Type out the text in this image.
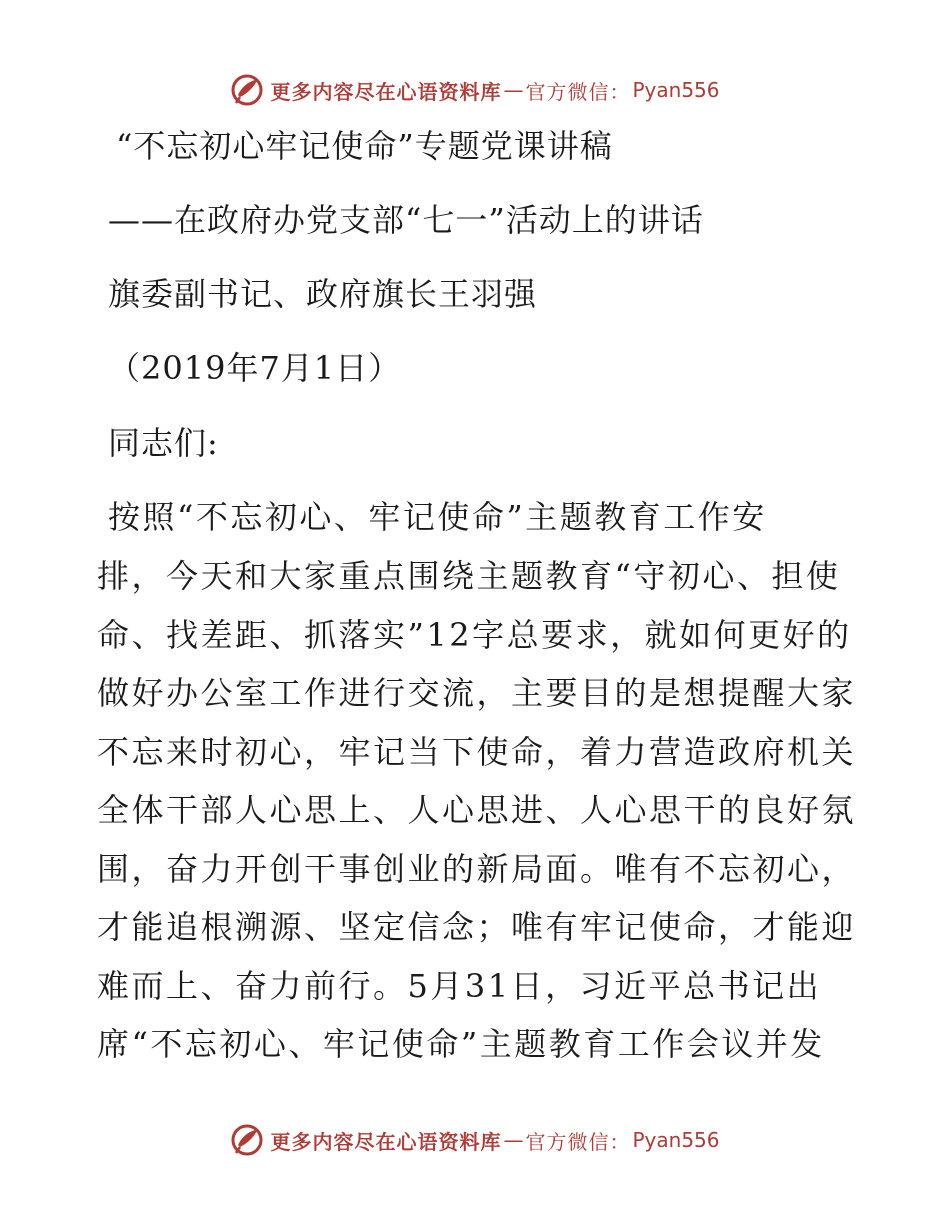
更多内容尽在心语资料库 — 官方微信： Pyan556
“不忘初心牢记使命”专题党课讲稿
——在政府办党支部“七一”活动上的讲话
旗委副书记、政府旗长王羽强
（2019年7月1日）
同志们:
按照“不忘初心、牢记使命”主题教育工作安
排，今天和大家重点围绕主题教育“守初心、担使
命、找差距、抓落实”12字总要求，就如何更好的
做好办公室工作进行交流，主要目的是想提醒大家
不忘来时初心，牢记当下使命，着力营造政府机关
全体干部人心思上、人心思进、人心思干的良好氛
围，奋力开创干事创业的新局面。唯有不忘初心，
才能追根溯源、坚定信念；唯有牢记使命，才能迎
难而上、奋力前行。5月31日，习近平总书记出
席“不忘初心、牢记使命”主题教育工作会议并发
更多内容尽在心语资料库 — 官方微信： Pyan556
